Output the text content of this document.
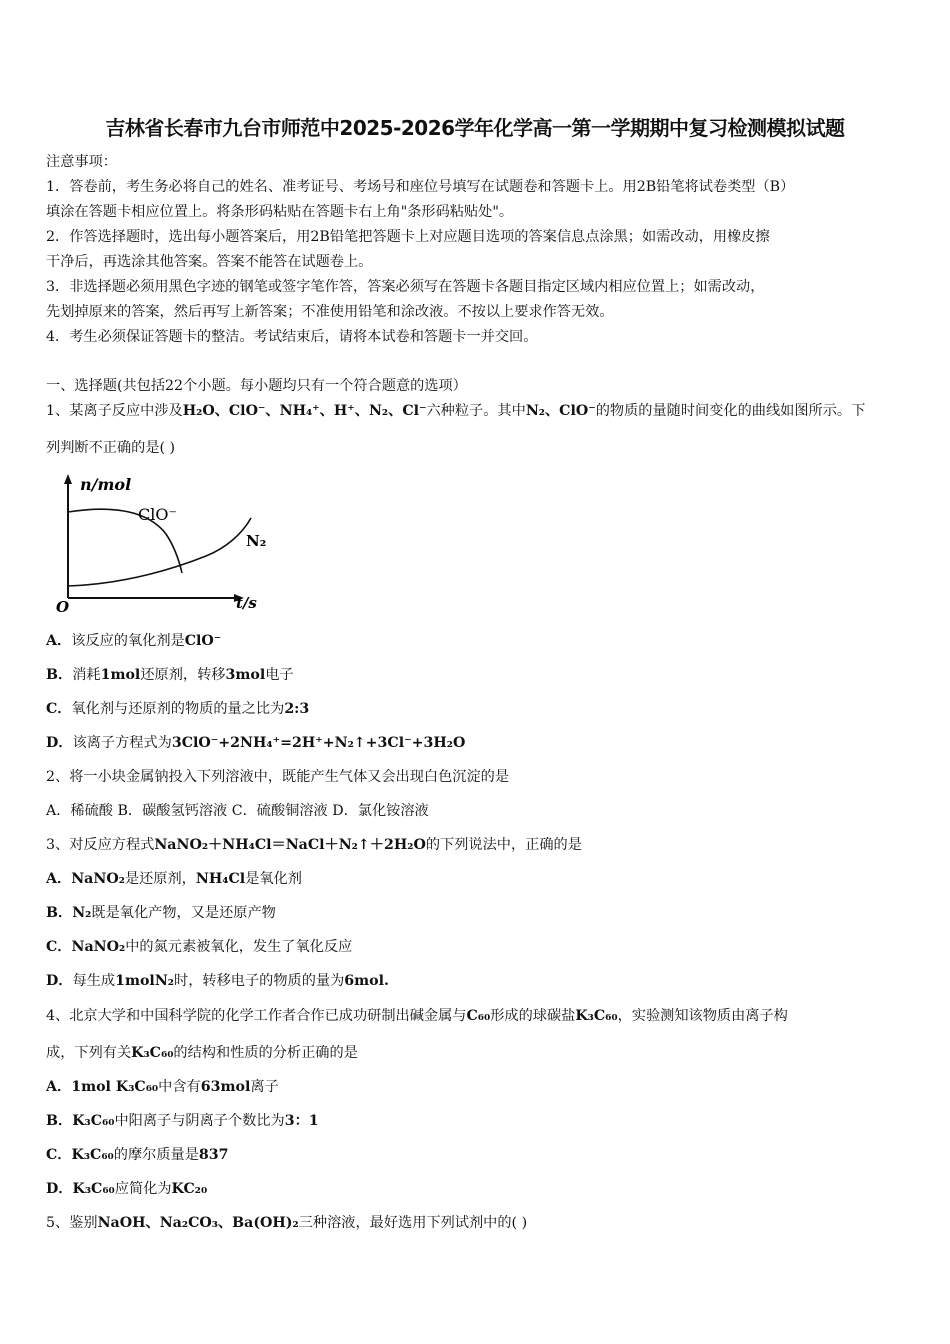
吉林省长春市九台市师范中2025-2026学年化学高一第一学期期中复习检测模拟试题
注意事项：
1．答卷前，考生务必将自己的姓名、准考证号、考场号和座位号填写在试题卷和答题卡上。用2B铅笔将试卷类型（B）
填涂在答题卡相应位置上。将条形码粘贴在答题卡右上角"条形码粘贴处"。
2．作答选择题时，选出每小题答案后，用2B铅笔把答题卡上对应题目选项的答案信息点涂黑；如需改动，用橡皮擦
干净后，再选涂其他答案。答案不能答在试题卷上。
3．非选择题必须用黑色字迹的钢笔或签字笔作答，答案必须写在答题卡各题目指定区域内相应位置上；如需改动，
先划掉原来的答案，然后再写上新答案；不准使用铅笔和涂改液。不按以上要求作答无效。
4．考生必须保证答题卡的整洁。考试结束后，请将本试卷和答题卡一并交回。
一、选择题(共包括22个小题。每小题均只有一个符合题意的选项）
1、某离子反应中涉及H₂O、ClO⁻、NH₄⁺、H⁺、N₂、Cl⁻六种粒子。其中N₂、ClO⁻的物质的量随时间变化的曲线如图所示。下
列判断不正确的是( )
n/mol
t/s
O
ClO⁻
N₂
A．该反应的氧化剂是ClO⁻
B．消耗1mol还原剂，转移3mol电子
C．氧化剂与还原剂的物质的量之比为2:3
D．该离子方程式为3ClO⁻+2NH₄⁺=2H⁺+N₂↑+3Cl⁻+3H₂O
2、将一小块金属钠投入下列溶液中，既能产生气体又会出现白色沉淀的是
A．稀硫酸 B．碳酸氢钙溶液 C．硫酸铜溶液 D．氯化铵溶液
3、对反应方程式NaNO₂＋NH₄Cl＝NaCl＋N₂↑＋2H₂O的下列说法中，正确的是
A．NaNO₂是还原剂，NH₄Cl是氧化剂
B．N₂既是氧化产物，又是还原产物
C．NaNO₂中的氮元素被氧化，发生了氧化反应
D．每生成1molN₂时，转移电子的物质的量为6mol.
4、北京大学和中国科学院的化学工作者合作已成功研制出碱金属与C₆₀形成的球碳盐K₃C₆₀，实验测知该物质由离子构
成，下列有关K₃C₆₀的结构和性质的分析正确的是
A．1mol K₃C₆₀中含有63mol离子
B．K₃C₆₀中阳离子与阴离子个数比为3：1
C．K₃C₆₀的摩尔质量是837
D．K₃C₆₀应简化为KC₂₀
5、鉴别NaOH、Na₂CO₃、Ba(OH)₂三种溶液，最好选用下列试剂中的( )
